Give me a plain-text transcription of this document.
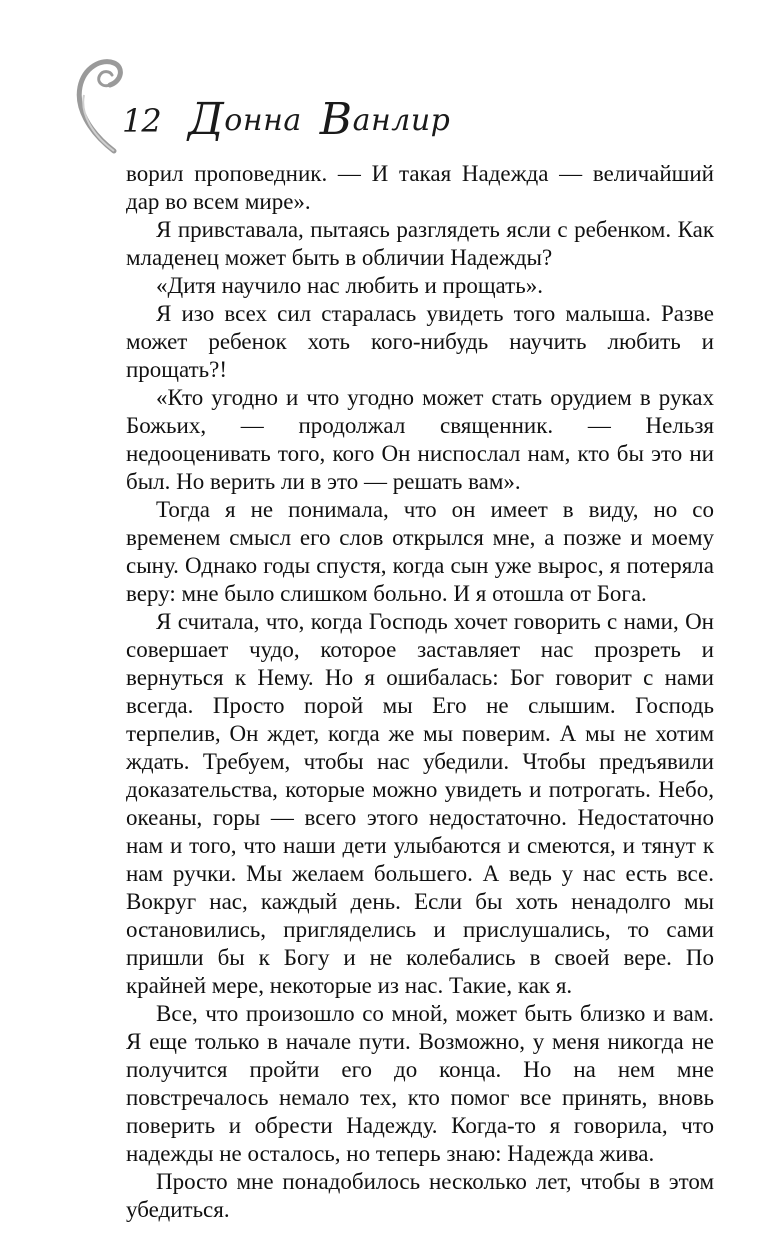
12 Донна Ванлир

ворил проповедник. — И такая Надежда — величайший дар во всем мире».

Я привставала, пытаясь разглядеть ясли с ребенком. Как младенец может быть в обличии Надежды?

«Дитя научило нас любить и прощать».

Я изо всех сил старалась увидеть того малыша. Разве может ребенок хоть кого-нибудь научить любить и прощать?!

«Кто угодно и что угодно может стать орудием в руках Божьих, — продолжал священник. — Нельзя недооценивать того, кого Он ниспослал нам, кто бы это ни был. Но верить ли в это — решать вам».

Тогда я не понимала, что он имеет в виду, но со временем смысл его слов открылся мне, а позже и моему сыну. Однако годы спустя, когда сын уже вырос, я потеряла веру: мне было слишком больно. И я отошла от Бога.

Я считала, что, когда Господь хочет говорить с нами, Он совершает чудо, которое заставляет нас прозреть и вернуться к Нему. Но я ошибалась: Бог говорит с нами всегда. Просто порой мы Его не слышим. Господь терпелив, Он ждет, когда же мы поверим. А мы не хотим ждать. Требуем, чтобы нас убедили. Чтобы предъявили доказательства, которые можно увидеть и потрогать. Небо, океаны, горы — всего этого недостаточно. Недостаточно нам и того, что наши дети улыбаются и смеются, и тянут к нам ручки. Мы желаем большего. А ведь у нас есть все. Вокруг нас, каждый день. Если бы хоть ненадолго мы остановились, пригляделись и прислушались, то сами пришли бы к Богу и не колебались в своей вере. По крайней мере, некоторые из нас. Такие, как я.

Все, что произошло со мной, может быть близко и вам. Я еще только в начале пути. Возможно, у меня никогда не получится пройти его до конца. Но на нем мне повстречалось немало тех, кто помог все принять, вновь поверить и обрести Надежду. Когда-то я говорила, что надежды не осталось, но теперь знаю: Надежда жива.

Просто мне понадобилось несколько лет, чтобы в этом убедиться.
